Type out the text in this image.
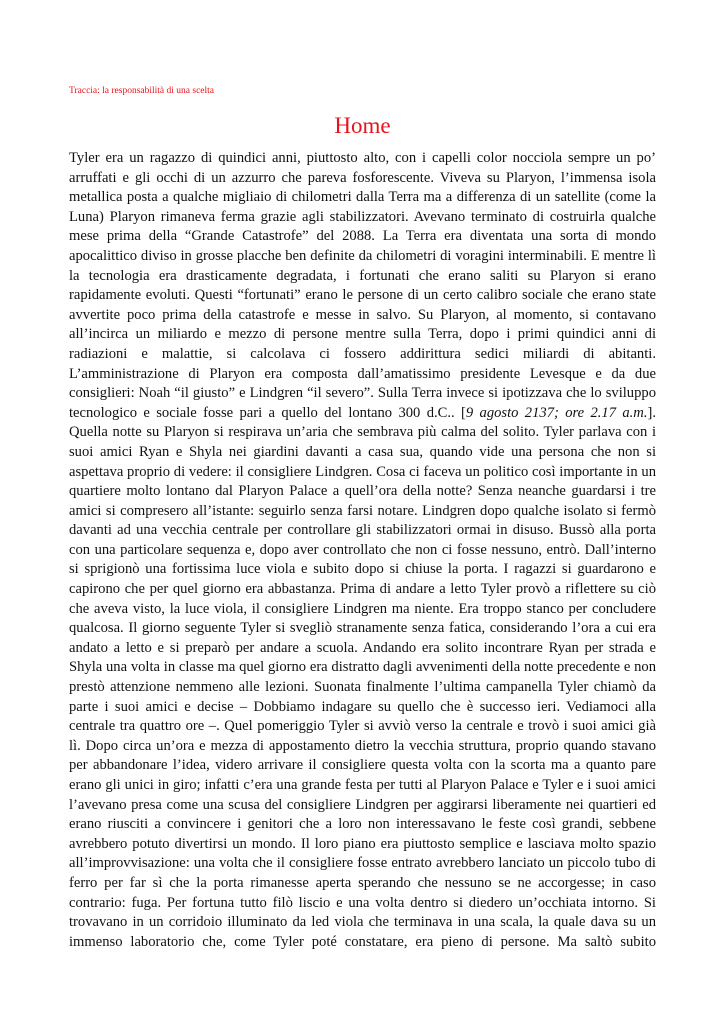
Traccia: la responsabilità di una scelta
Home
Tyler era un ragazzo di quindici anni, piuttosto alto, con i capelli color nocciola sempre un po’
arruffati e gli occhi di un azzurro che pareva fosforescente. Viveva su Plaryon, l’immensa isola
metallica posta a qualche migliaio di chilometri dalla Terra ma a differenza di un satellite (come la
Luna) Plaryon rimaneva ferma grazie agli stabilizzatori. Avevano terminato di costruirla qualche
mese prima della “Grande Catastrofe” del 2088. La Terra era diventata una sorta di mondo
apocalittico diviso in grosse placche ben definite da chilometri di voragini interminabili. E mentre lì
la tecnologia era drasticamente degradata, i fortunati che erano saliti su Plaryon si erano
rapidamente evoluti. Questi “fortunati” erano le persone di un certo calibro sociale che erano state
avvertite poco prima della catastrofe e messe in salvo. Su Plaryon, al momento, si contavano
all’incirca un miliardo e mezzo di persone mentre sulla Terra, dopo i primi quindici anni di
radiazioni e malattie, si calcolava ci fossero addirittura sedici miliardi di abitanti.
L’amministrazione di Plaryon era composta dall’amatissimo presidente Levesque e da due
consiglieri: Noah “il giusto” e Lindgren “il severo”. Sulla Terra invece si ipotizzava che lo sviluppo
tecnologico e sociale fosse pari a quello del lontano 300 d.C.. [9 agosto 2137; ore 2.17 a.m.].
Quella notte su Plaryon si respirava un’aria che sembrava più calma del solito. Tyler parlava con i
suoi amici Ryan e Shyla nei giardini davanti a casa sua, quando vide una persona che non si
aspettava proprio di vedere: il consigliere Lindgren. Cosa ci faceva un politico così importante in un
quartiere molto lontano dal Plaryon Palace a quell’ora della notte? Senza neanche guardarsi i tre
amici si compresero all’istante: seguirlo senza farsi notare. Lindgren dopo qualche isolato si fermò
davanti ad una vecchia centrale per controllare gli stabilizzatori ormai in disuso. Bussò alla porta
con una particolare sequenza e, dopo aver controllato che non ci fosse nessuno, entrò. Dall’interno
si sprigionò una fortissima luce viola e subito dopo si chiuse la porta. I ragazzi si guardarono e
capirono che per quel giorno era abbastanza. Prima di andare a letto Tyler provò a riflettere su ciò
che aveva visto, la luce viola, il consigliere Lindgren ma niente. Era troppo stanco per concludere
qualcosa. Il giorno seguente Tyler si svegliò stranamente senza fatica, considerando l’ora a cui era
andato a letto e si preparò per andare a scuola. Andando era solito incontrare Ryan per strada e
Shyla una volta in classe ma quel giorno era distratto dagli avvenimenti della notte precedente e non
prestò attenzione nemmeno alle lezioni. Suonata finalmente l’ultima campanella Tyler chiamò da
parte i suoi amici e decise – Dobbiamo indagare su quello che è successo ieri. Vediamoci alla
centrale tra quattro ore –. Quel pomeriggio Tyler si avviò verso la centrale e trovò i suoi amici già
lì. Dopo circa un’ora e mezza di appostamento dietro la vecchia struttura, proprio quando stavano
per abbandonare l’idea, videro arrivare il consigliere questa volta con la scorta ma a quanto pare
erano gli unici in giro; infatti c’era una grande festa per tutti al Plaryon Palace e Tyler e i suoi amici
l’avevano presa come una scusa del consigliere Lindgren per aggirarsi liberamente nei quartieri ed
erano riusciti a convincere i genitori che a loro non interessavano le feste così grandi, sebbene
avrebbero potuto divertirsi un mondo. Il loro piano era piuttosto semplice e lasciava molto spazio
all’improvvisazione: una volta che il consigliere fosse entrato avrebbero lanciato un piccolo tubo di
ferro per far sì che la porta rimanesse aperta sperando che nessuno se ne accorgesse; in caso
contrario: fuga. Per fortuna tutto filò liscio e una volta dentro si diedero un’occhiata intorno. Si
trovavano in un corridoio illuminato da led viola che terminava in una scala, la quale dava su un
immenso laboratorio che, come Tyler poté constatare, era pieno di persone. Ma saltò subito
